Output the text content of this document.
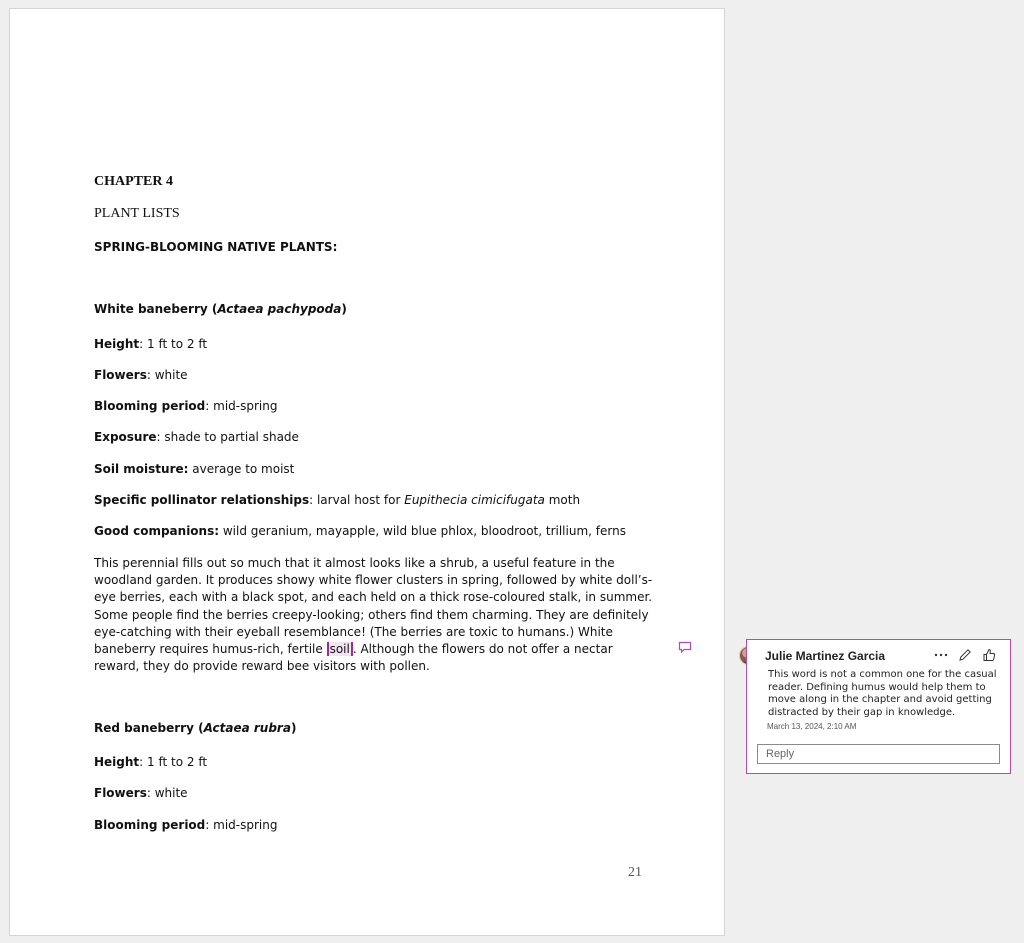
CHAPTER 4
PLANT LISTS
SPRING-BLOOMING NATIVE PLANTS:
White baneberry (Actaea pachypoda)
Height: 1 ft to 2 ft
Flowers: white
Blooming period: mid-spring
Exposure: shade to partial shade
Soil moisture: average to moist
Specific pollinator relationships: larval host for Eupithecia cimicifugata moth
Good companions: wild geranium, mayapple, wild blue phlox, bloodroot, trillium, ferns
This perennial fills out so much that it almost looks like a shrub, a useful feature in the woodland garden. It produces showy white flower clusters in spring, followed by white doll’s-eye berries, each with a black spot, and each held on a thick rose-coloured stalk, in summer. Some people find the berries creepy-looking; others find them charming. They are definitely eye-catching with their eyeball resemblance! (The berries are toxic to humans.) White baneberry requires humus-rich, fertile soil . Although the flowers do not offer a nectar reward, they do provide reward bee visitors with pollen.
Red baneberry (Actaea rubra)
Height: 1 ft to 2 ft
Flowers: white
Blooming period: mid-spring
21
Julie Martinez Garcia
This word is not a common one for the casual reader. Defining humus would help them to move along in the chapter and avoid getting distracted by their gap in knowledge.
March 13, 2024, 2:10 AM
Reply
